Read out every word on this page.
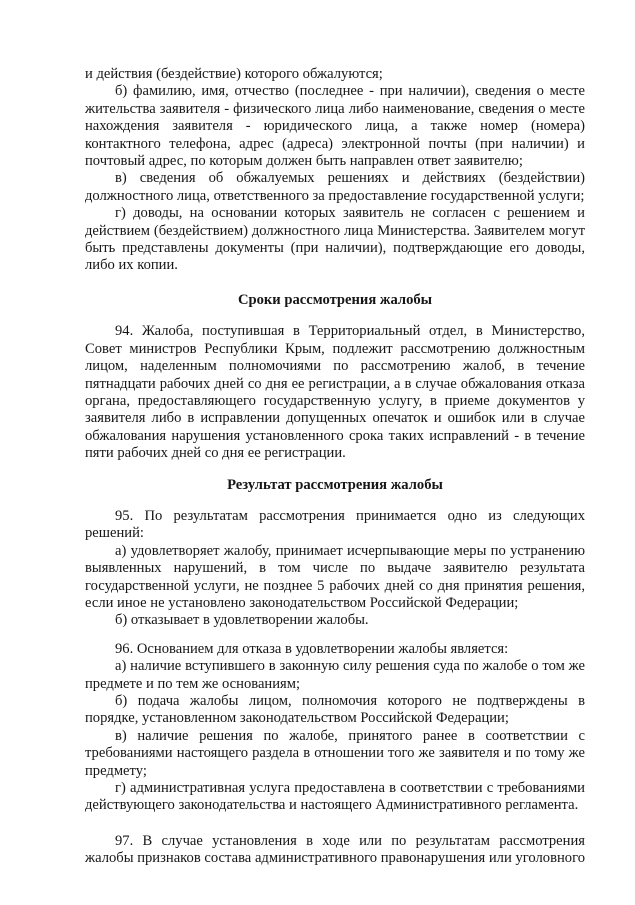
и действия (бездействие) которого обжалуются;

б) фамилию, имя, отчество (последнее - при наличии), сведения о месте жительства заявителя - физического лица либо наименование, сведения о месте нахождения заявителя - юридического лица, а также номер (номера) контактного телефона, адрес (адреса) электронной почты (при наличии) и почтовый адрес, по которым должен быть направлен ответ заявителю;

в) сведения об обжалуемых решениях и действиях (бездействии) должностного лица, ответственного за предоставление государственной услуги;

г) доводы, на основании которых заявитель не согласен с решением и действием (бездействием) должностного лица Министерства. Заявителем могут быть представлены документы (при наличии), подтверждающие его доводы, либо их копии.

Сроки рассмотрения жалобы

94. Жалоба, поступившая в Территориальный отдел, в Министерство, Совет министров Республики Крым, подлежит рассмотрению должностным лицом, наделенным полномочиями по рассмотрению жалоб, в течение пятнадцати рабочих дней со дня ее регистрации, а в случае обжалования отказа органа, предоставляющего государственную услугу, в приеме документов у заявителя либо в исправлении допущенных опечаток и ошибок или в случае обжалования нарушения установленного срока таких исправлений - в течение пяти рабочих дней со дня ее регистрации.

Результат рассмотрения жалобы

95. По результатам рассмотрения принимается одно из следующих решений:

а) удовлетворяет жалобу, принимает исчерпывающие меры по устранению выявленных нарушений, в том числе по выдаче заявителю результата государственной услуги, не позднее 5 рабочих дней со дня принятия решения, если иное не установлено законодательством Российской Федерации;

б) отказывает в удовлетворении жалобы.

96. Основанием для отказа в удовлетворении жалобы является:

а) наличие вступившего в законную силу решения суда по жалобе о том же предмете и по тем же основаниям;

б) подача жалобы лицом, полномочия которого не подтверждены в порядке, установленном законодательством Российской Федерации;

в) наличие решения по жалобе, принятого ранее в соответствии с требованиями настоящего раздела в отношении того же заявителя и по тому же предмету;

г) административная услуга предоставлена в соответствии с требованиями действующего законодательства и настоящего Административного регламента.

97. В случае установления в ходе или по результатам рассмотрения жалобы признаков состава административного правонарушения или уголовного
